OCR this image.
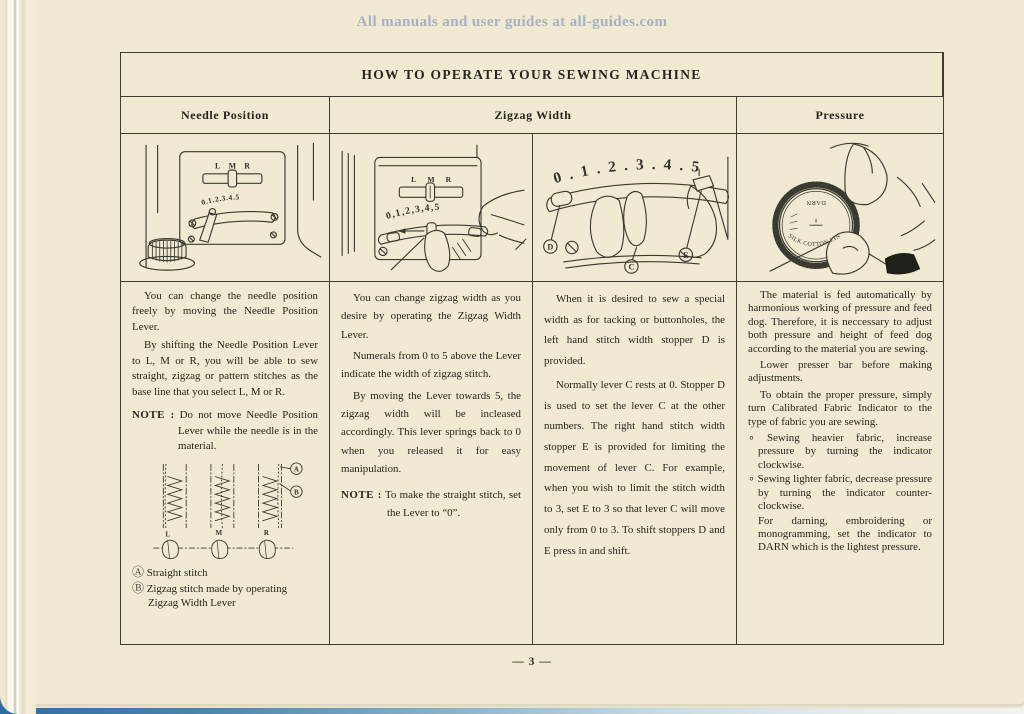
All manuals and user guides at all-guides.com
HOW TO OPERATE YOUR SEWING MACHINE
Needle Position	Zigzag Width	Pressure
L M R
0.1.2.3.4.5
L M R
0,1,2,3,4,5
0 . 1 . 2 . 3 . 4 . 5
D
E
C
DARN
SILK COTTON LIN

You can change the needle position freely by moving the Needle Position Lever.

By shifting the Needle Position Lever to L, M or R, you will be able to sew straight, zigzag or pattern stitches as the base line that you select L, M or R.

NOTE : Do not move Needle Position Lever while the needle is in the material.

A
B
L	M	R
Ⓐ Straight stitch
Ⓑ Zigzag stitch made by operating Zigzag Width Lever

You can change zigzag width as you desire by operating the Zigzag Width Lever.

Numerals from 0 to 5 above the Lever indicate the width of zigzag stitch.

By moving the Lever towards 5, the zigzag width will be incleased accordingly. This lever springs back to 0 when you released it for easy manipulation.

NOTE : To make the straight stitch, set the Lever to “0”.

When it is desired to sew a special width as for tacking or buttonholes, the left hand stitch width stopper D is provided.

Normally lever C rests at 0. Stopper D is used to set the lever C at the other numbers. The right hand stitch width stopper E is provided for limiting the movement of lever C. For example, when you wish to limit the stitch width to 3, set E to 3 so that lever C will move only from 0 to 3. To shift stoppers D and E press in and shift.

The material is fed automatically by harmonious working of pressure and feed dog. Therefore, it is neccessary to adjust both pressure and height of feed dog according to the material you are sewing.

Lower presser bar before making adjustments.

To obtain the proper pressure, simply turn Calibrated Fabric Indicator to the type of fabric you are sewing.

∘ Sewing heavier fabric, increase pressure by turning the indicator clockwise.

∘ Sewing lighter fabric, decrease pressure by turning the indicator counter-clockwise.

For darning, embroidering or monogramming, set the indicator to DARN which is the lightest pressure.

— 3 —
